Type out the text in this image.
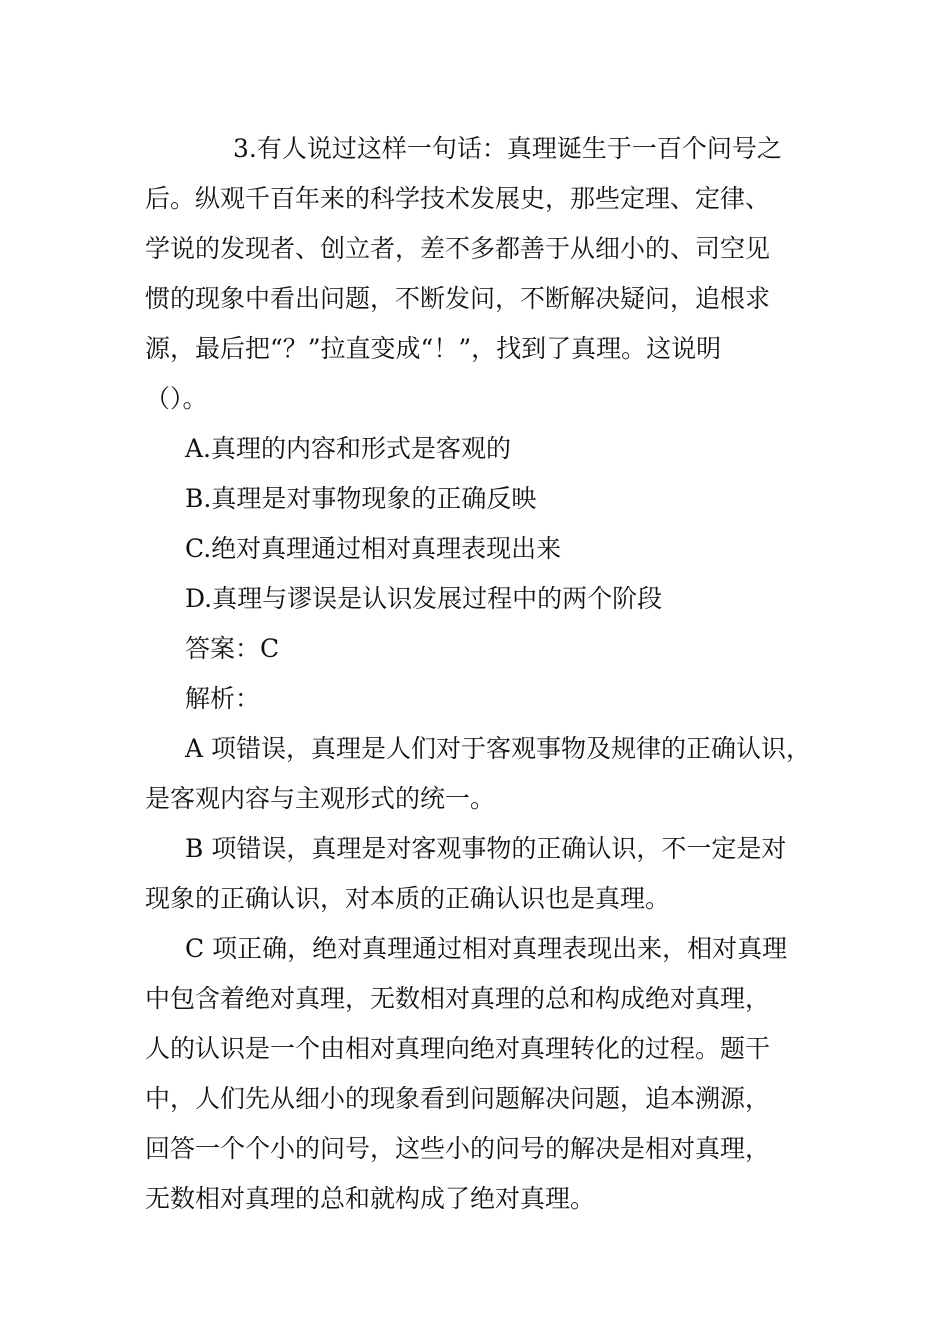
3.有人说过这样一句话：真理诞生于一百个问号之
后。纵观千百年来的科学技术发展史，那些定理、定律、
学说的发现者、创立者，差不多都善于从细小的、司空见
惯的现象中看出问题，不断发问，不断解决疑问，追根求
源，最后把“？”拉直变成“！”，找到了真理。这说明
（）。
A.真理的内容和形式是客观的
B.真理是对事物现象的正确反映
C.绝对真理通过相对真理表现出来
D.真理与谬误是认识发展过程中的两个阶段
答案：C
解析：
A 项错误，真理是人们对于客观事物及规律的正确认识，
是客观内容与主观形式的统一。
B 项错误，真理是对客观事物的正确认识，不一定是对
现象的正确认识，对本质的正确认识也是真理。
C 项正确，绝对真理通过相对真理表现出来，相对真理
中包含着绝对真理，无数相对真理的总和构成绝对真理，
人的认识是一个由相对真理向绝对真理转化的过程。题干
中，人们先从细小的现象看到问题解决问题，追本溯源，
回答一个个小的问号，这些小的问号的解决是相对真理，
无数相对真理的总和就构成了绝对真理。
